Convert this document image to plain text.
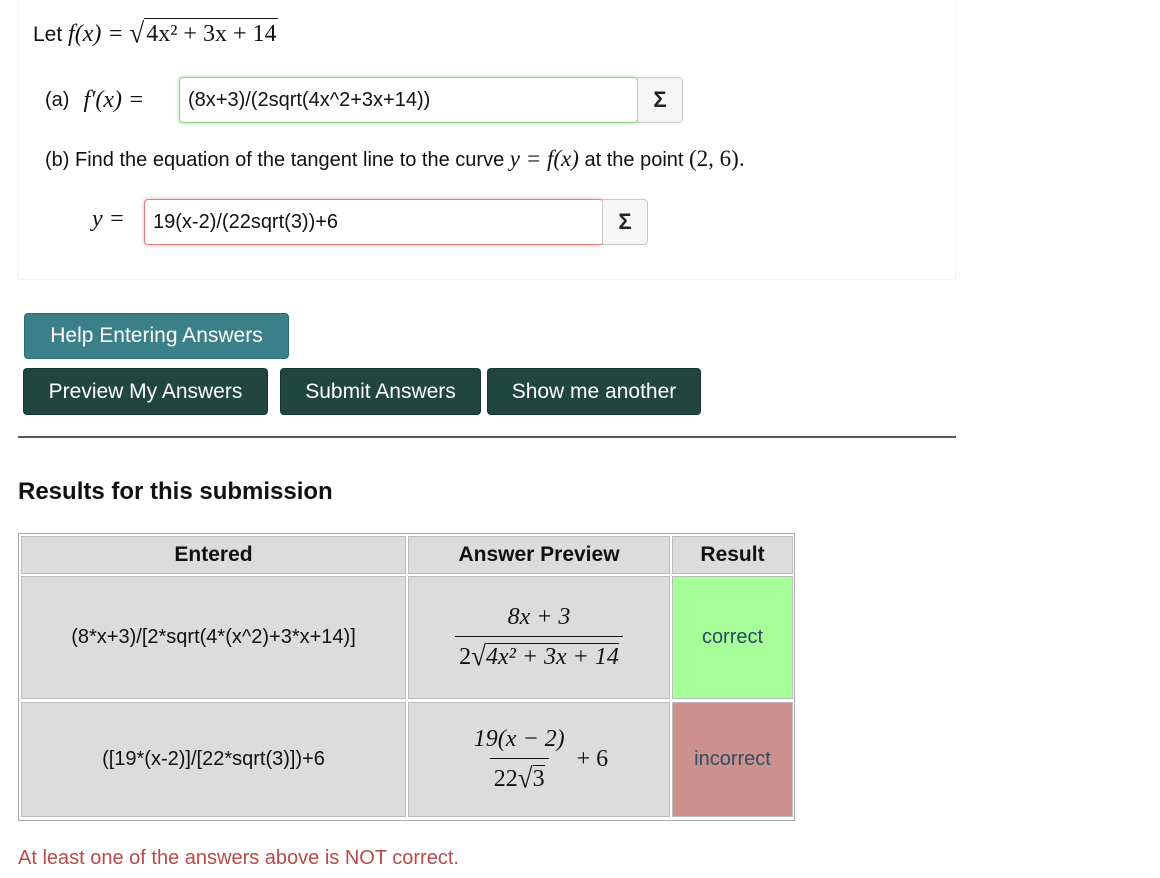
Let f(x) = √4x² + 3x + 14
(a) f′(x) =
(b) Find the equation of the tangent line to the curve y = f(x) at the point (2, 6).
y =
(8x+3)/(2sqrt(4x^2+3x+14))	Σ
19(x-2)/(22sqrt(3))+6	Σ
Help Entering Answers
Preview My Answers	Submit Answers	Show me another
Results for this submission
Entered	Answer Preview	Result
(8*x+3)/[2*sqrt(4*(x^2)+3*x+14)]	$\frac{8x + 3}{\text{2√4x² + 3x + 14}}$	correct
([19*(x-2)]/[22*sqrt(3)])+6	$\frac{19(x - 2)}{22√3} + 6$	incorrect
At least one of the answers above is NOT correct.
